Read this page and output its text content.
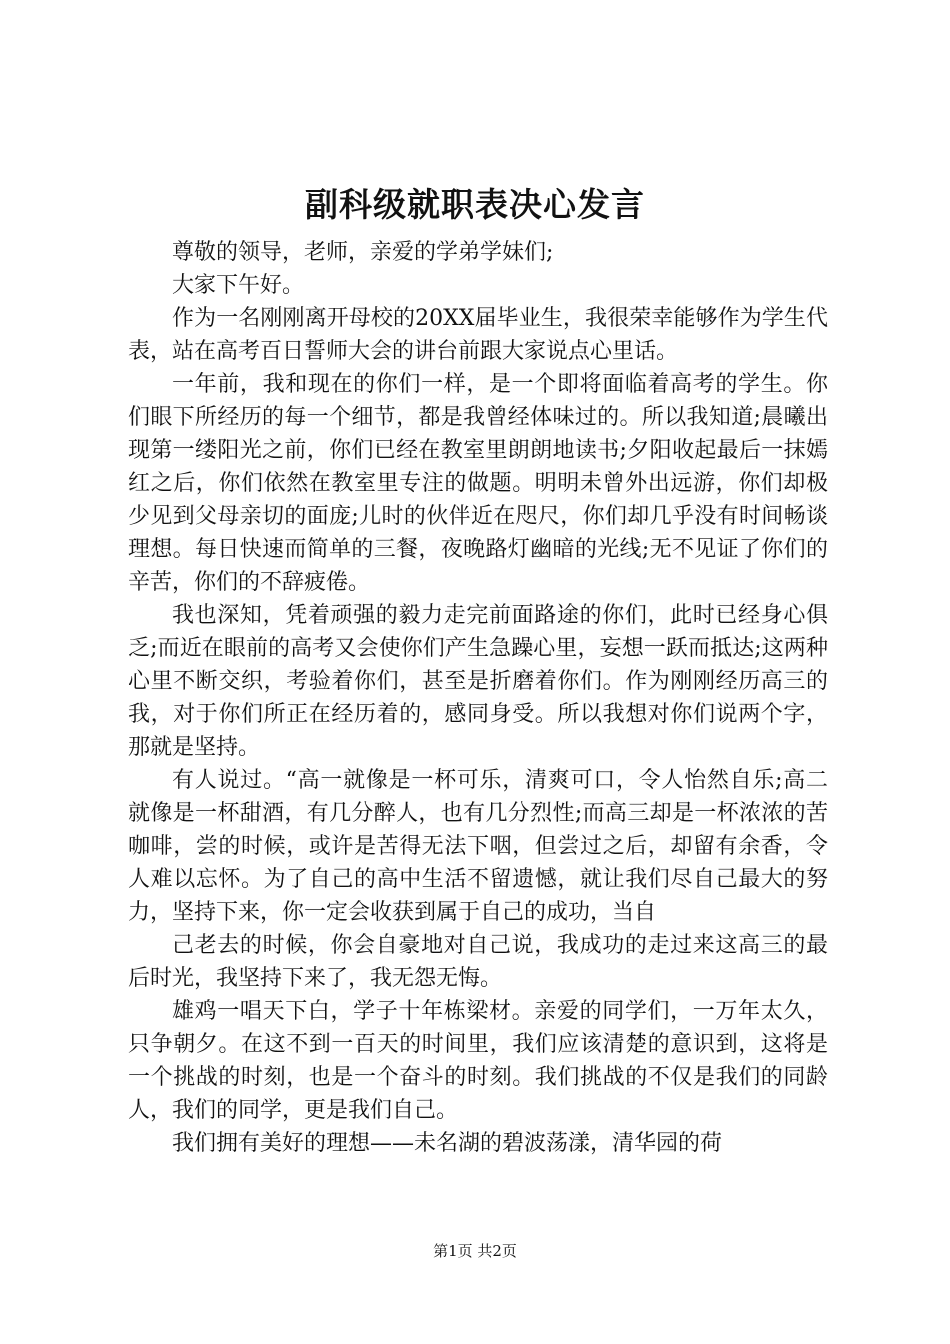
副科级就职表决心发言

尊敬的领导，老师，亲爱的学弟学妹们;

大家下午好。

作为一名刚刚离开母校的20XX届毕业生，我很荣幸能够作为学生代表，站在高考百日誓师大会的讲台前跟大家说点心里话。

一年前，我和现在的你们一样，是一个即将面临着高考的学生。你们眼下所经历的每一个细节，都是我曾经体味过的。所以我知道;晨曦出现第一缕阳光之前，你们已经在教室里朗朗地读书;夕阳收起最后一抹嫣红之后，你们依然在教室里专注的做题。明明未曾外出远游，你们却极少见到父母亲切的面庞;儿时的伙伴近在咫尺，你们却几乎没有时间畅谈理想。每日快速而简单的三餐，夜晚路灯幽暗的光线;无不见证了你们的辛苦，你们的不辞疲倦。

我也深知，凭着顽强的毅力走完前面路途的你们，此时已经身心俱乏;而近在眼前的高考又会使你们产生急躁心里，妄想一跃而抵达;这两种心里不断交织，考验着你们，甚至是折磨着你们。作为刚刚经历高三的我，对于你们所正在经历着的，感同身受。所以我想对你们说两个字，那就是坚持。

有人说过。“高一就像是一杯可乐，清爽可口，令人怡然自乐;高二就像是一杯甜酒，有几分醉人，也有几分烈性;而高三却是一杯浓浓的苦咖啡，尝的时候，或许是苦得无法下咽，但尝过之后，却留有余香，令人难以忘怀。为了自己的高中生活不留遗憾，就让我们尽自己最大的努力，坚持下来，你一定会收获到属于自己的成功，当自

己老去的时候，你会自豪地对自己说，我成功的走过来这高三的最后时光，我坚持下来了，我无怨无悔。

雄鸡一唱天下白，学子十年栋梁材。亲爱的同学们，一万年太久，只争朝夕。在这不到一百天的时间里，我们应该清楚的意识到，这将是一个挑战的时刻，也是一个奋斗的时刻。我们挑战的不仅是我们的同龄人，我们的同学，更是我们自己。

我们拥有美好的理想——未名湖的碧波荡漾，清华园的荷

第1页 共2页
